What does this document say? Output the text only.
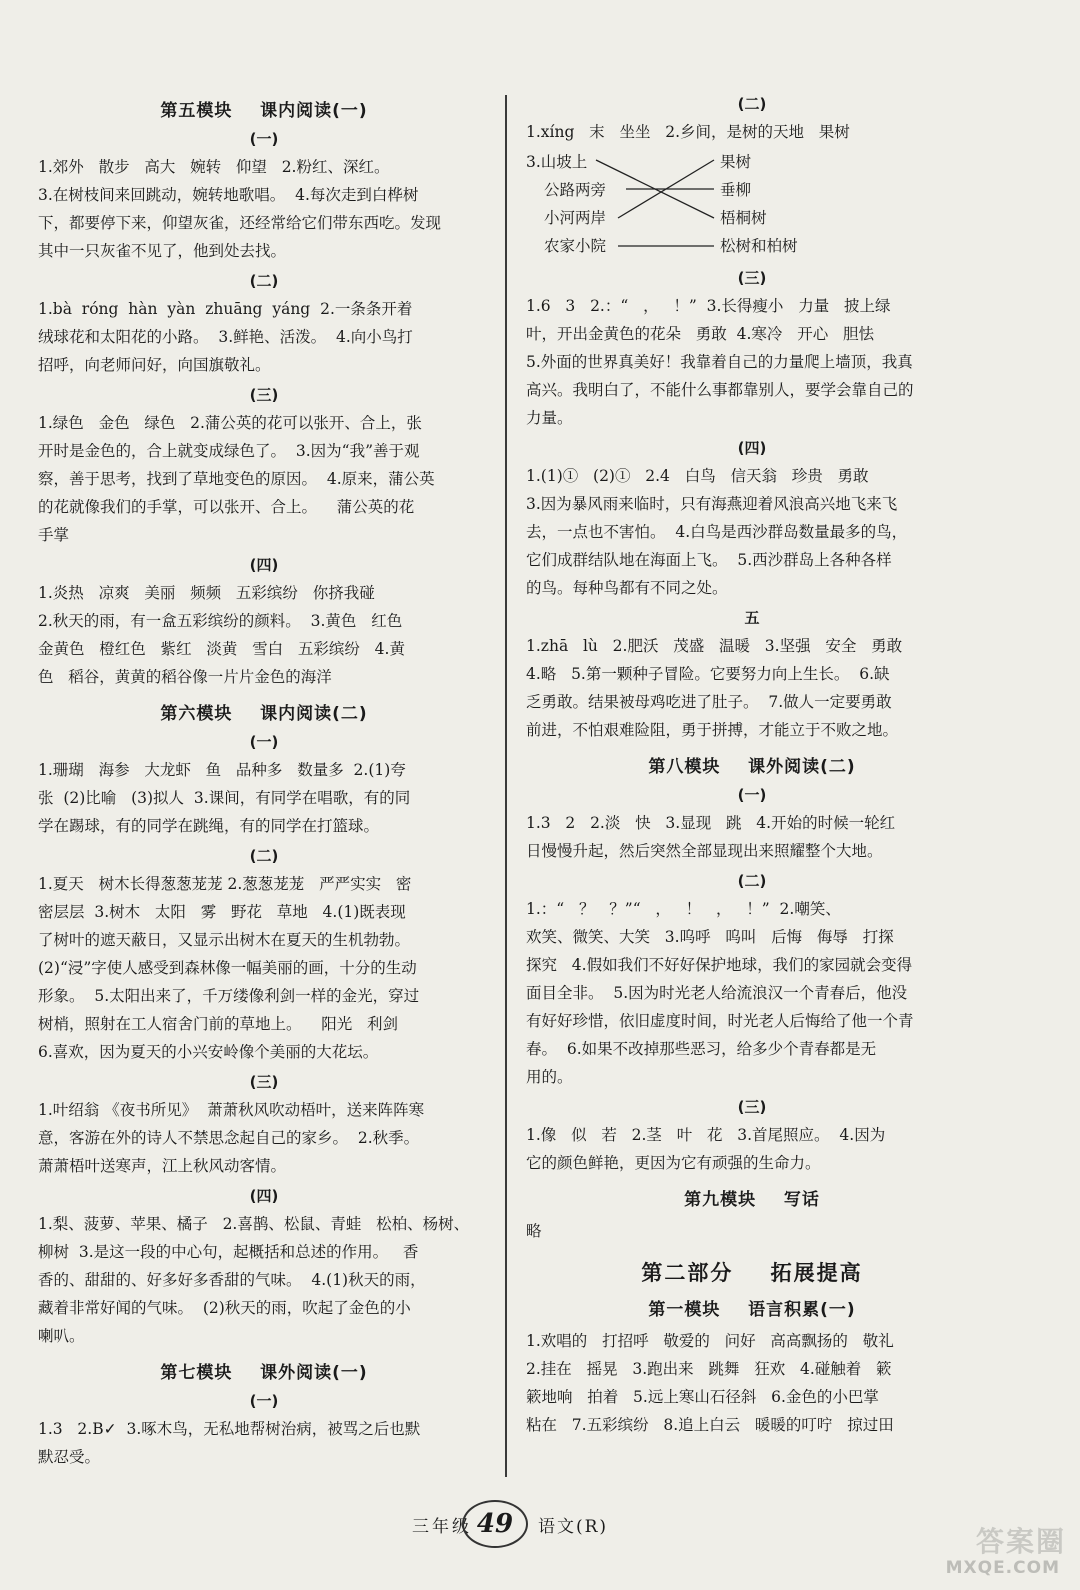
第五模块    课内阅读(一)
(一)
1.郊外   散步   高大   婉转   仰望   2.粉红、深红。
3.在树枝间来回跳动，婉转地歌唱。  4.每次走到白桦树
下，都要停下来，仰望灰雀，还经常给它们带东西吃。发现
其中一只灰雀不见了，他到处去找。
(二)
1.bà  róng  hàn  yàn  zhuāng  yáng  2.一条条开着
绒球花和太阳花的小路。  3.鲜艳、活泼。  4.向小鸟打
招呼，向老师问好，向国旗敬礼。
(三)
1.绿色   金色   绿色   2.蒲公英的花可以张开、合上，张
开时是金色的，合上就变成绿色了。  3.因为“我”善于观
察，善于思考，找到了草地变色的原因。  4.原来，蒲公英
的花就像我们的手掌，可以张开、合上。    蒲公英的花
手掌
(四)
1.炎热   凉爽   美丽   频频   五彩缤纷   你挤我碰
2.秋天的雨，有一盒五彩缤纷的颜料。  3.黄色   红色
金黄色   橙红色   紫红   淡黄   雪白   五彩缤纷   4.黄
色   稻谷，黄黄的稻谷像一片片金色的海洋
第六模块    课内阅读(二)
(一)
1.珊瑚   海参   大龙虾   鱼   品种多   数量多  2.(1)夸
张  (2)比喻   (3)拟人  3.课间，有同学在唱歌，有的同
学在踢球，有的同学在跳绳，有的同学在打篮球。
(二)
1.夏天   树木长得葱葱茏茏 2.葱葱茏茏   严严实实   密
密层层  3.树木   太阳   雾   野花   草地   4.(1)既表现
了树叶的遮天蔽日，又显示出树木在夏天的生机勃勃。
(2)“浸”字使人感受到森林像一幅美丽的画，十分的生动
形象。  5.太阳出来了，千万缕像利剑一样的金光，穿过
树梢，照射在工人宿舍门前的草地上。    阳光   利剑
6.喜欢，因为夏天的小兴安岭像个美丽的大花坛。
(三)
1.叶绍翁 《夜书所见》  萧萧秋风吹动梧叶，送来阵阵寒
意，客游在外的诗人不禁思念起自己的家乡。  2.秋季。
萧萧梧叶送寒声，江上秋风动客情。
(四)
1.梨、菠萝、苹果、橘子   2.喜鹊、松鼠、青蛙   松柏、杨树、
柳树  3.是这一段的中心句，起概括和总述的作用。   香
香的、甜甜的、好多好多香甜的气味。  4.(1)秋天的雨，
藏着非常好闻的气味。  (2)秋天的雨，吹起了金色的小
喇叭。
第七模块    课外阅读(一)
(一)
1.3   2.B✓  3.啄木鸟，无私地帮树治病，被骂之后也默
默忍受。
(二)
1.xíng   末   坐坐   2.乡间，是树的天地   果树
3.山坡上
公路两旁
小河两岸
农家小院
果树
垂柳
梧桐树
松树和柏树
(三)
1.6   3   2.：“   ，   ！”  3.长得瘦小   力量   披上绿
叶，开出金黄色的花朵   勇敢  4.寒冷   开心   胆怯
5.外面的世界真美好！我靠着自己的力量爬上墙顶，我真
高兴。我明白了，不能什么事都靠别人，要学会靠自己的
力量。
(四)
1.(1)①   (2)①   2.4   白鸟   信天翁   珍贵   勇敢
3.因为暴风雨来临时，只有海燕迎着风浪高兴地飞来飞
去，一点也不害怕。  4.白鸟是西沙群岛数量最多的鸟，
它们成群结队地在海面上飞。  5.西沙群岛上各种各样
的鸟。每种鸟都有不同之处。
五
1.zhā   lù   2.肥沃   茂盛   温暖   3.坚强   安全   勇敢
4.略   5.第一颗种子冒险。它要努力向上生长。  6.缺
乏勇敢。结果被母鸡吃进了肚子。  7.做人一定要勇敢
前进，不怕艰难险阻，勇于拼搏，才能立于不败之地。
第八模块    课外阅读(二)
(一)
1.3   2   2.淡   快   3.显现   跳   4.开始的时候一轮红
日慢慢升起，然后突然全部显现出来照耀整个大地。
(二)
1.：“   ？   ？”“   ，   ！   ，   ！”  2.嘲笑、
欢笑、微笑、大笑   3.呜呼   呜叫   后悔   侮辱   打探
探究   4.假如我们不好好保护地球，我们的家园就会变得
面目全非。  5.因为时光老人给流浪汉一个青春后，他没
有好好珍惜，依旧虚度时间，时光老人后悔给了他一个青
春。  6.如果不改掉那些恶习，给多少个青春都是无
用的。
(三)
1.像   似   若   2.茎   叶   花   3.首尾照应。  4.因为
它的颜色鲜艳，更因为它有顽强的生命力。
第九模块    写话
略
第二部分    拓展提高
第一模块    语言积累(一)
1.欢唱的   打招呼   敬爱的   问好   高高飘扬的   敬礼
2.挂在   摇晃   3.跑出来   跳舞   狂欢   4.碰触着   簌
簌地响   拍着   5.远上寒山石径斜   6.金色的小巴掌
粘在   7.五彩缤纷   8.追上白云   暖暖的叮咛   掠过田
三年级 49	语文(R)	答案圈
MXQE.COM
